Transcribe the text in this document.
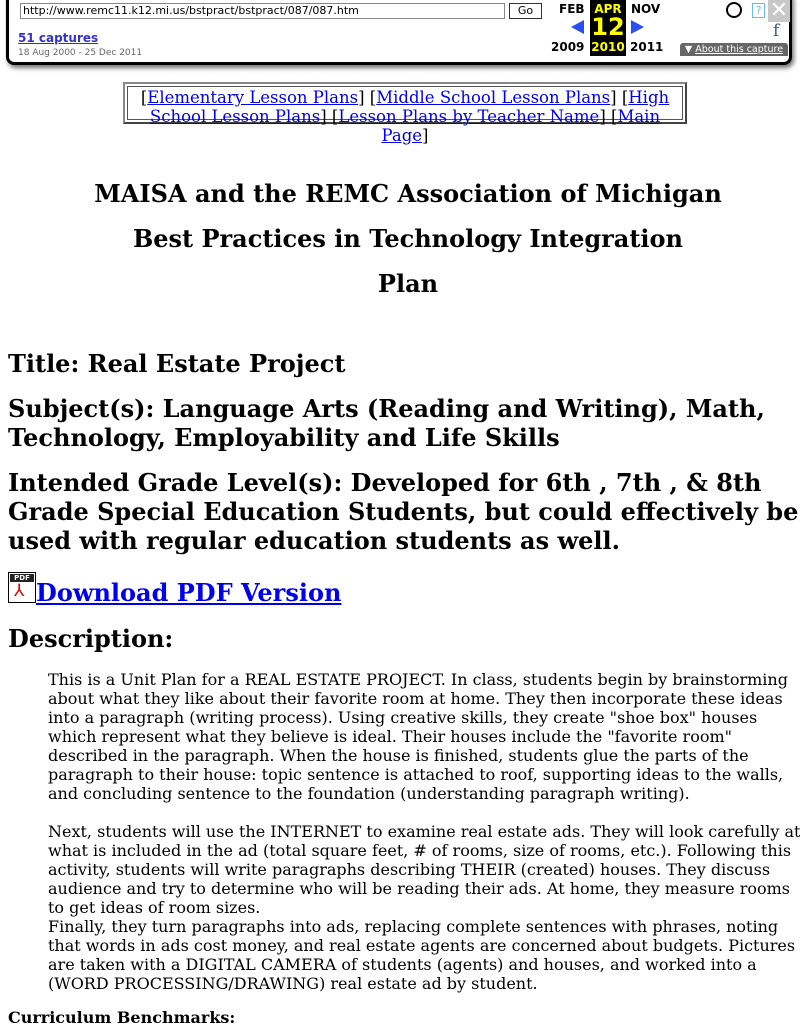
http://www.remc11.k12.mi.us/bstpract/bstpract/087/087.htm
Go
51 captures
18 Aug 2000 - 25 Dec 2011
FEB
2009
APR
12
2010
NOV
2011
? ✕
f
▼ About this capture
[Elementary Lesson Plans] [Middle School Lesson Plans] [High School Lesson Plans] [Lesson Plans by Teacher Name] [Main Page]
MAISA and the REMC Association of Michigan
Best Practices in Technology Integration
Plan
Title: Real Estate Project
Subject(s): Language Arts (Reading and Writing), Math, Technology, Employability and Life Skills
Intended Grade Level(s): Developed for 6th , 7th , & 8th Grade Special Education Students, but could effectively be used with regular education students as well.
PDF
⅄ Download PDF Version
Description:

This is a Unit Plan for a REAL ESTATE PROJECT. In class, students begin by brainstorming about what they like about their favorite room at home. They then incorporate these ideas into a paragraph (writing process). Using creative skills, they create "shoe box" houses which represent what they believe is ideal. Their houses include the "favorite room" described in the paragraph. When the house is finished, students glue the parts of the paragraph to their house: topic sentence is attached to roof, supporting ideas to the walls, and concluding sentence to the foundation (understanding paragraph writing).

Next, students will use the INTERNET to examine real estate ads. They will look carefully at what is included in the ad (total square feet, # of rooms, size of rooms, etc.). Following this activity, students will write paragraphs describing THEIR (created) houses. They discuss audience and try to determine who will be reading their ads. At home, they measure rooms to get ideas of room sizes.

Finally, they turn paragraphs into ads, replacing complete sentences with phrases, noting that words in ads cost money, and real estate agents are concerned about budgets. Pictures are taken with a DIGITAL CAMERA of students (agents) and houses, and worked into a (WORD PROCESSING/DRAWING) real estate ad by student.

Curriculum Benchmarks:
